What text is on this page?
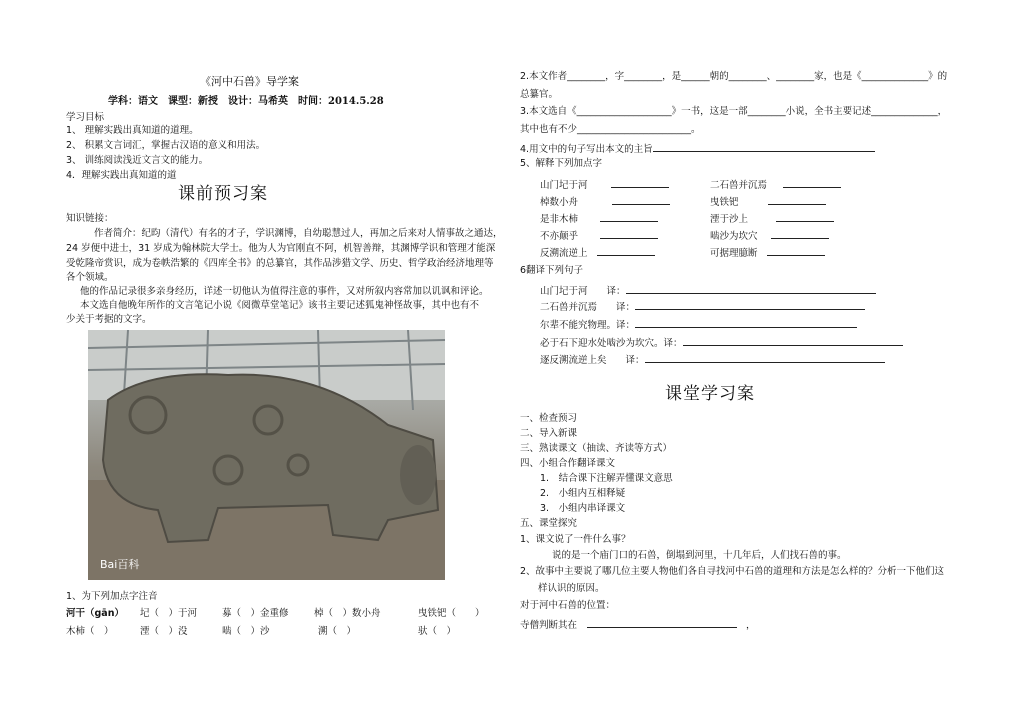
《河中石兽》导学案
学科：语文　课型：新授　设计：马希英　时间：2014.5.28
学习目标
1、 理解实践出真知道的道理。
2、 积累文言词汇，掌握古汉语的意义和用法。
3、 训练阅读浅近文言文的能力。
4．理解实践出真知道的道
课前预习案
知识链接：
作者简介：纪昀（清代）有名的才子，学识渊博，自幼聪慧过人，再加之后来对人情事故之通达，
24 岁便中进士，31 岁成为翰林院大学士。他为人为官刚直不阿，机智善辩，其渊博学识和管理才能深
受乾隆帝赏识，成为卷帙浩繁的《四库全书》的总纂官，其作品涉猎文学、历史、哲学政治经济地理等
各个领域。
他的作品记录很多亲身经历，详述一切他认为值得注意的事件，又对所叙内容常加以讥讽和评论。
本文选自他晚年所作的文言笔记小说《阅微草堂笔记》该书主要记述狐鬼神怪故事，其中也有不
少关于考据的文字。
Bai百科
1、为下列加点字注音
河干（gān） 圮（　）于河	募（　）金重修	棹（　）数小舟	曳铁钯（　　）
木柿（　）	湮（　）没	啮（　）沙	溯（　）	驮（　）
2.本文作者________，字________，是______朝的________、________家，也是《______________》的
总纂官。
3.本文选自《____________________》一书，这是一部________小说，全书主要记述______________，
其中也有不少________________________。
4.用文中的句子写出本文的主旨
5、解释下列加点字
山门圮于河　	二石兽并沉焉　
棹数小舟　	曳铁钯　
是非木柿　	湮于沙上　
不亦颠乎　	啮沙为坎穴　
反溯流逆上　	可据理臆断　
6翻译下列句子
山门圮于河　　译：
二石兽并沉焉　　译：
尔辈不能究物理。译：
必于石下迎水处啮沙为坎穴。译：
逐反溯流逆上矣　　译：
课堂学习案
一、检查预习
二、导入新课
三、熟读课文（抽读、齐读等方式）
四、小组合作翻译课文
1.　结合课下注解弄懂课文意思
2.　小组内互相释疑
3.　小组内串译课文
五、课堂探究
1、课文说了一件什么事？
说的是一个庙门口的石兽，倒塌到河里，十几年后，人们找石兽的事。
2、故事中主要说了哪几位主要人物他们各自寻找河中石兽的道理和方法是怎么样的？分析一下他们这
样认识的原因。
对于河中石兽的位置：
寺僧判断其在　　	，
